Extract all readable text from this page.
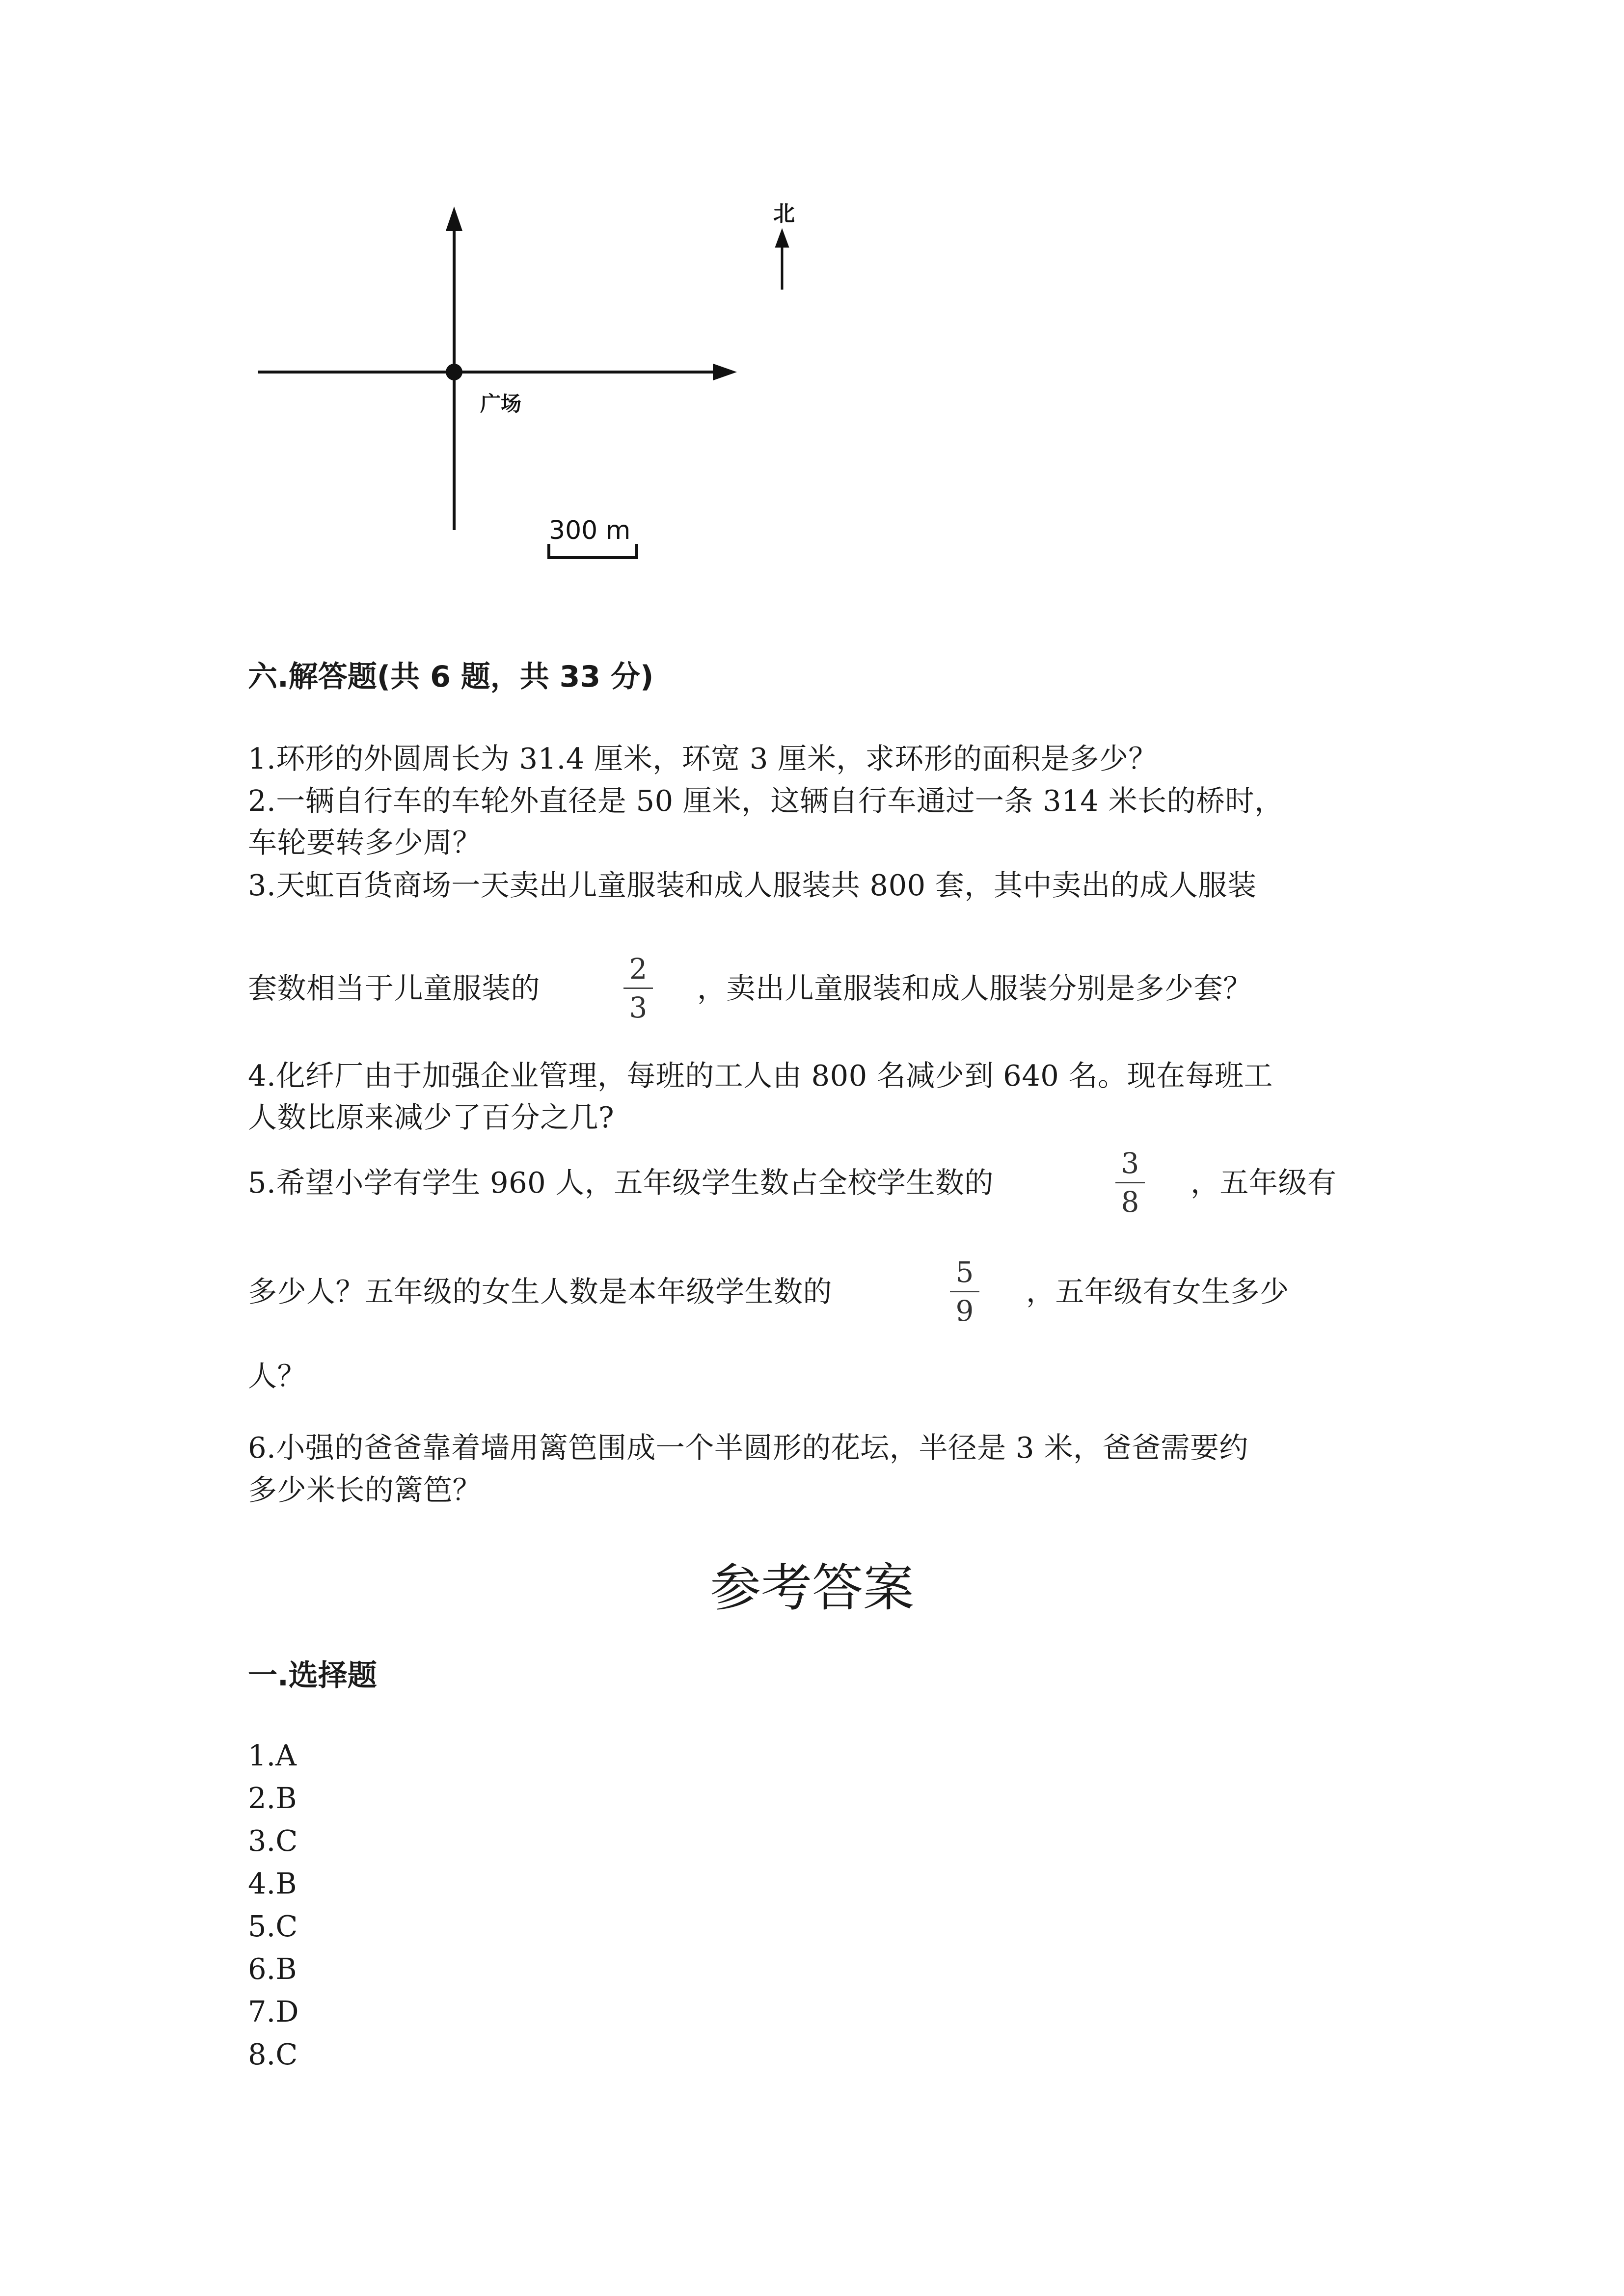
北
广场
300 m

六.解答题(共 6 题，共 33 分)

1.环形的外圆周长为 31.4 厘米，环宽 3 厘米，求环形的面积是多少？

2.一辆自行车的车轮外直径是 50 厘米，这辆自行车通过一条 314 米长的桥时，

车轮要转多少周？

3.天虹百货商场一天卖出儿童服装和成人服装共 800 套，其中卖出的成人服装

套数相当于儿童服装的

2
3

，卖出儿童服装和成人服装分别是多少套？

4.化纤厂由于加强企业管理，每班的工人由 800 名减少到 640 名。现在每班工

人数比原来减少了百分之几?

5.希望小学有学生 960 人，五年级学生数占全校学生数的

3
8

，五年级有

多少人？五年级的女生人数是本年级学生数的

5
9

，五年级有女生多少

人？

6.小强的爸爸靠着墙用篱笆围成一个半圆形的花坛，半径是 3 米，爸爸需要约

多少米长的篱笆？

参考答案

一.选择题

1.A

2.B

3.C

4.B

5.C

6.B

7.D

8.C
